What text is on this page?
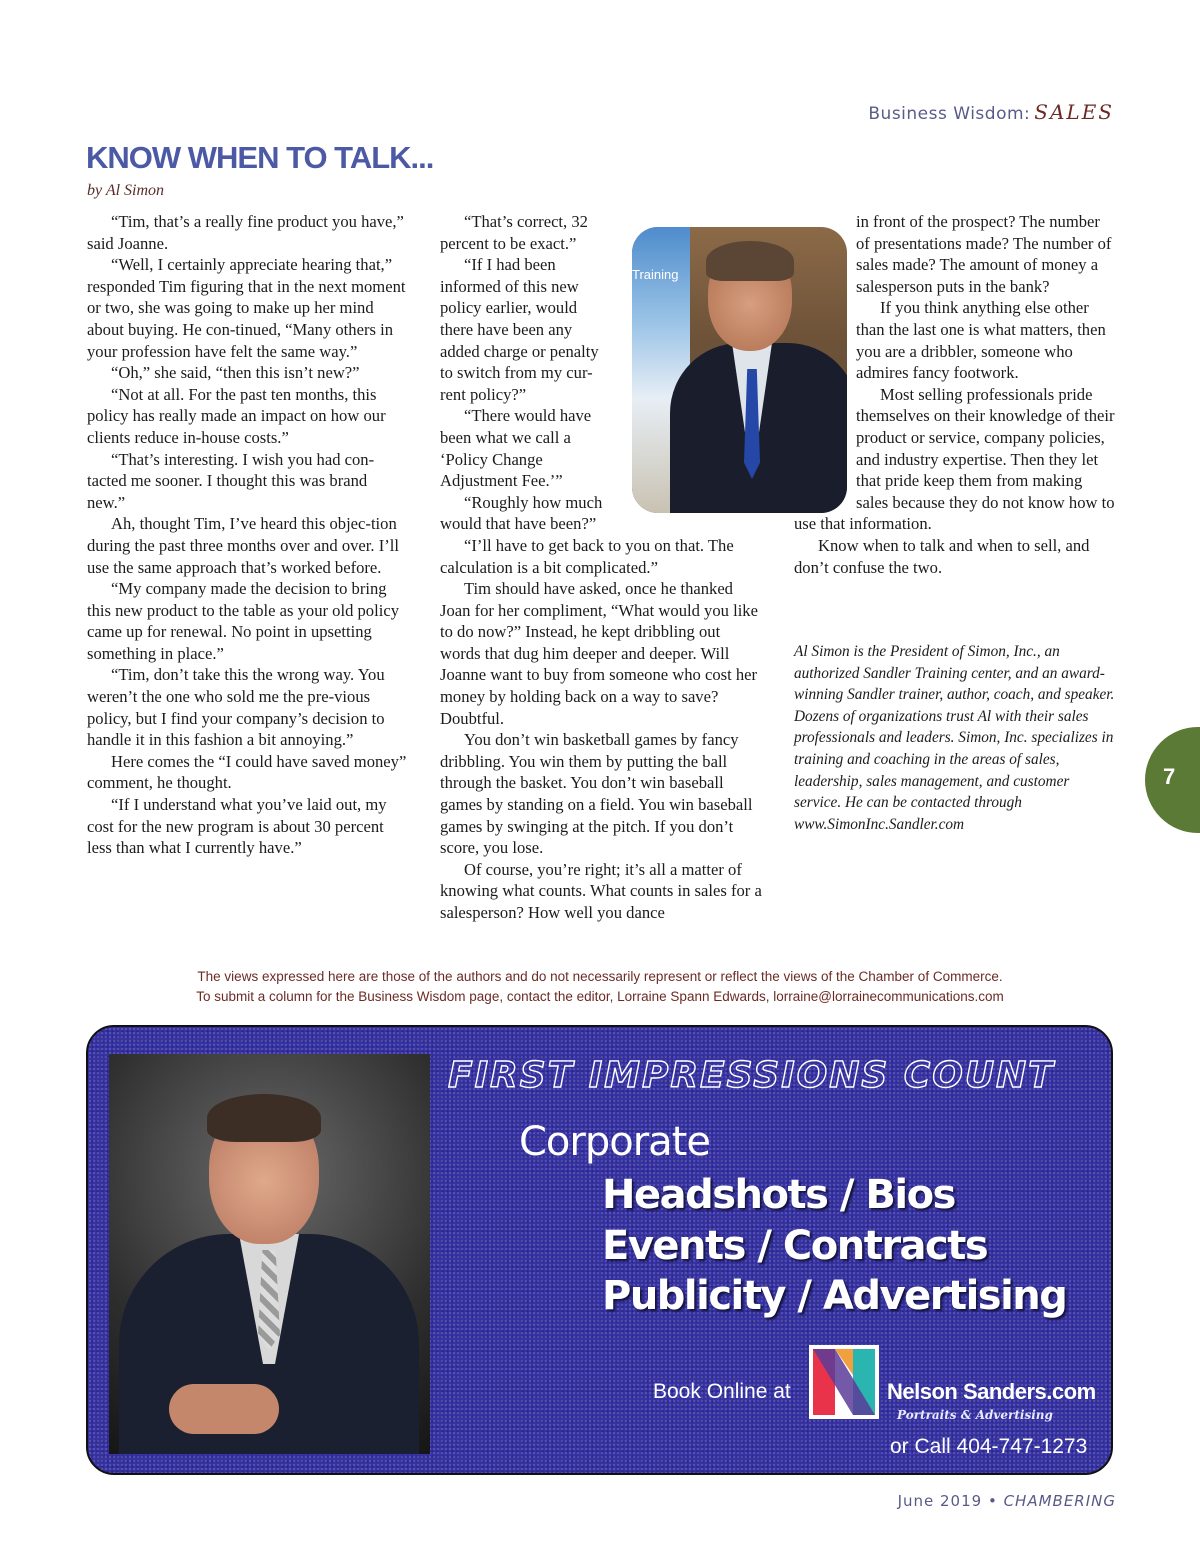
Business Wisdom: SALES
KNOW WHEN TO TALK...
by Al Simon

“Tim, that’s a really fine product you have,” said Joanne.

“Well, I certainly appreciate hearing that,” responded Tim figuring that in the next moment or two, she was going to make up her mind about buying. He con-tinued, “Many others in your profession have felt the same way.”

“Oh,” she said, “then this isn’t new?”

“Not at all. For the past ten months, this policy has really made an impact on how our clients reduce in-house costs.”

“That’s interesting. I wish you had con-tacted me sooner. I thought this was brand new.”

Ah, thought Tim, I’ve heard this objec-tion during the past three months over and over. I’ll use the same approach that’s worked before.

“My company made the decision to bring this new product to the table as your old policy came up for renewal. No point in upsetting something in place.”

“Tim, don’t take this the wrong way. You weren’t the one who sold me the pre-vious policy, but I find your company’s decision to handle it in this fashion a bit annoying.”

Here comes the “I could have saved money” comment, he thought.

“If I understand what you’ve laid out, my cost for the new program is about 30 percent less than what I currently have.”

“That’s correct, 32 percent to be exact.”

“If I had been informed of this new policy earlier, would there have been any added charge or penalty to switch from my cur-rent policy?”

“There would have been what we call a ‘Policy Change Adjustment Fee.’”

“Roughly how much would that have been?”

“I’ll have to get back to you on that. The calculation is a bit complicated.”

Tim should have asked, once he thanked Joan for her compliment, “What would you like to do now?” Instead, he kept dribbling out words that dug him deeper and deeper. Will Joanne want to buy from someone who cost her money by holding back on a way to save? Doubtful.

You don’t win basketball games by fancy dribbling. You win them by putting the ball through the basket. You don’t win baseball games by standing on a field. You win baseball games by swinging at the pitch. If you don’t score, you lose.

Of course, you’re right; it’s all a matter of knowing what counts. What counts in sales for a salesperson? How well you dance

in front of the prospect? The number of presentations made? The number of sales made? The amount of money a salesperson puts in the bank?

If you think anything else other than the last one is what matters, then you are a dribbler, someone who admires fancy footwork.

Most selling professionals pride themselves on their knowledge of their product or service, company policies, and industry expertise. Then they let that pride keep them from making sales because they do not know how to use that information.

Know when to talk and when to sell, and don’t confuse the two.

Training
Al Simon is the President of Simon, Inc., an authorized Sandler Training center, and an award-winning Sandler trainer, author, coach, and speaker. Dozens of organizations trust Al with their sales professionals and leaders. Simon, Inc. specializes in training and coaching in the areas of sales, leadership, sales management, and customer service. He can be contacted through www.SimonInc.Sandler.com
7
The views expressed here are those of the authors and do not necessarily represent or reflect the views of the Chamber of Commerce.
To submit a column for the Business Wisdom page, contact the editor, Lorraine Spann Edwards, lorraine@lorrainecommunications.com
FIRST IMPRESSIONS COUNT
Corporate
Headshots / Bios
Events / Contracts
Publicity / Advertising
Book Online at	Nelson Sanders.com
Portraits & Advertising
or Call 404-747-1273
June 2019 • CHAMBERING
